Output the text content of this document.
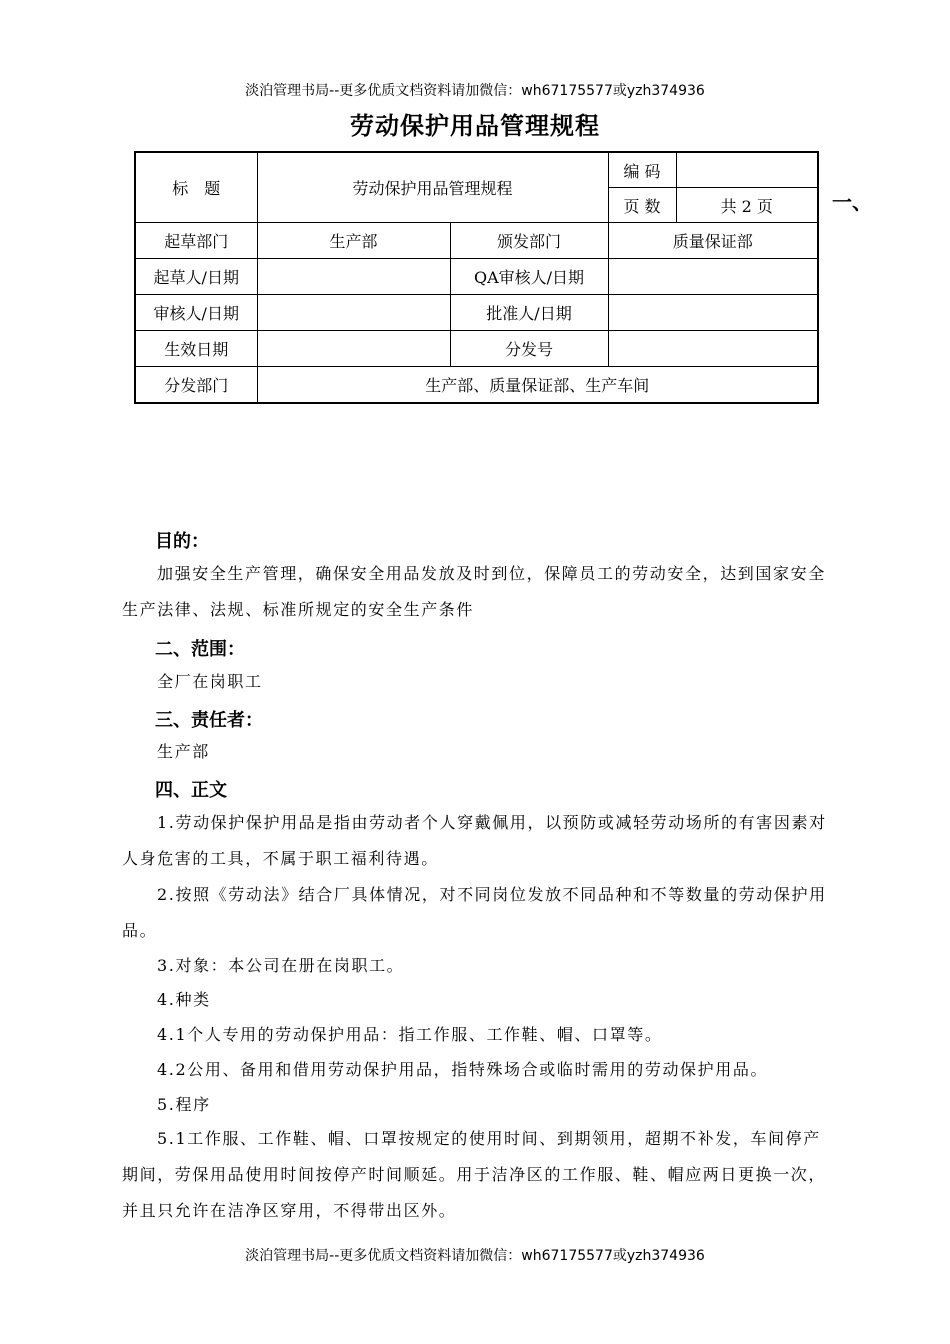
淡泊管理书局--更多优质文档资料请加微信：wh67175577或yzh374936
劳动保护用品管理规程
标　题	劳动保护用品管理规程		编 码	
			页 数	共 2 页
起草部门	生产部	颁发部门	质量保证部	
起草人/日期		QA审核人/日期		
审核人/日期		批准人/日期		
生效日期		分发号		
分发部门	生产部、质量保证部、生产车间			
一、
目的：

加强安全生产管理，确保安全用品发放及时到位，保障员工的劳动安全，达到国家安全生产法律、法规、标准所规定的安全生产条件

二、范围：

全厂在岗职工

三、责任者：

生产部

四、正文

1.劳动保护保护用品是指由劳动者个人穿戴佩用，以预防或减轻劳动场所的有害因素对人身危害的工具，不属于职工福利待遇。

2.按照《劳动法》结合厂具体情况，对不同岗位发放不同品种和不等数量的劳动保护用品。

3.对象：本公司在册在岗职工。

4.种类

4.1个人专用的劳动保护用品：指工作服、工作鞋、帽、口罩等。

4.2公用、备用和借用劳动保护用品，指特殊场合或临时需用的劳动保护用品。

5.程序

5.1工作服、工作鞋、帽、口罩按规定的使用时间、到期领用，超期不补发，车间停产期间，劳保用品使用时间按停产时间顺延。用于洁净区的工作服、鞋、帽应两日更换一次，并且只允许在洁净区穿用，不得带出区外。

淡泊管理书局--更多优质文档资料请加微信：wh67175577或yzh374936
